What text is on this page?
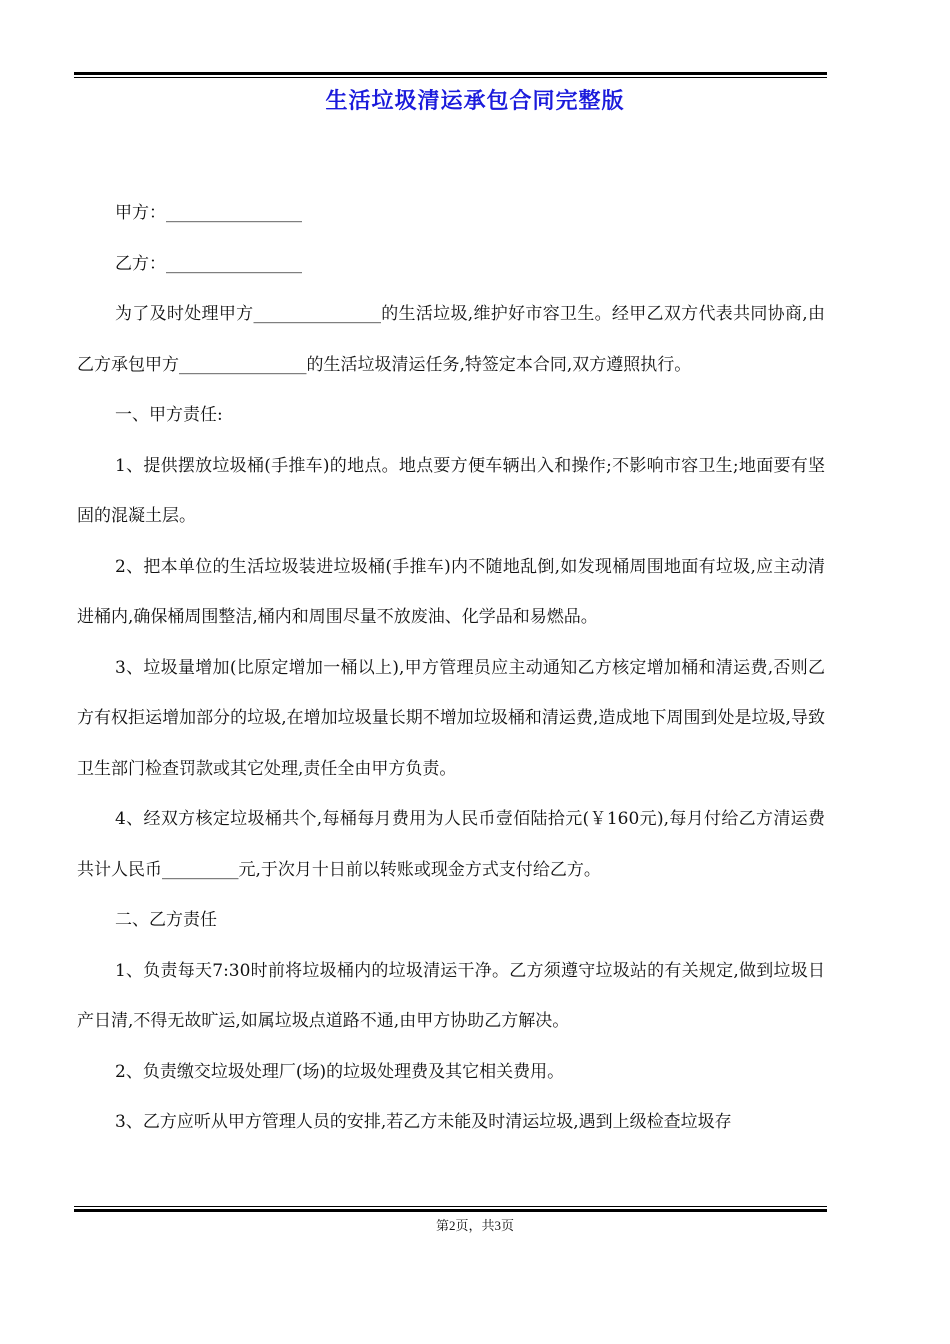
生活垃圾清运承包合同完整版

甲方：________________

乙方：________________

为了及时处理甲方_______________的生活垃圾,维护好市容卫生。经甲乙双方代表共同协商,由乙方承包甲方_______________的生活垃圾清运任务,特签定本合同,双方遵照执行。

一、甲方责任:

1、提供摆放垃圾桶(手推车)的地点。地点要方便车辆出入和操作;不影响市容卫生;地面要有坚固的混凝土层。

2、把本单位的生活垃圾装进垃圾桶(手推车)内不随地乱倒,如发现桶周围地面有垃圾,应主动清进桶内,确保桶周围整洁,桶内和周围尽量不放废油、化学品和易燃品。

3、垃圾量增加(比原定增加一桶以上),甲方管理员应主动通知乙方核定增加桶和清运费,否则乙方有权拒运增加部分的垃圾,在增加垃圾量长期不增加垃圾桶和清运费,造成地下周围到处是垃圾,导致卫生部门检查罚款或其它处理,责任全由甲方负责。

4、经双方核定垃圾桶共个,每桶每月费用为人民币壹佰陆拾元(￥160元),每月付给乙方清运费共计人民币_________元,于次月十日前以转账或现金方式支付给乙方。

二、乙方责任

1、负责每天7:30时前将垃圾桶内的垃圾清运干净。乙方须遵守垃圾站的有关规定,做到垃圾日产日清,不得无故旷运,如属垃圾点道路不通,由甲方协助乙方解决。

2、负责缴交垃圾处理厂(场)的垃圾处理费及其它相关费用。

3、乙方应听从甲方管理人员的安排,若乙方未能及时清运垃圾,遇到上级检查垃圾存

第2页，共3页
